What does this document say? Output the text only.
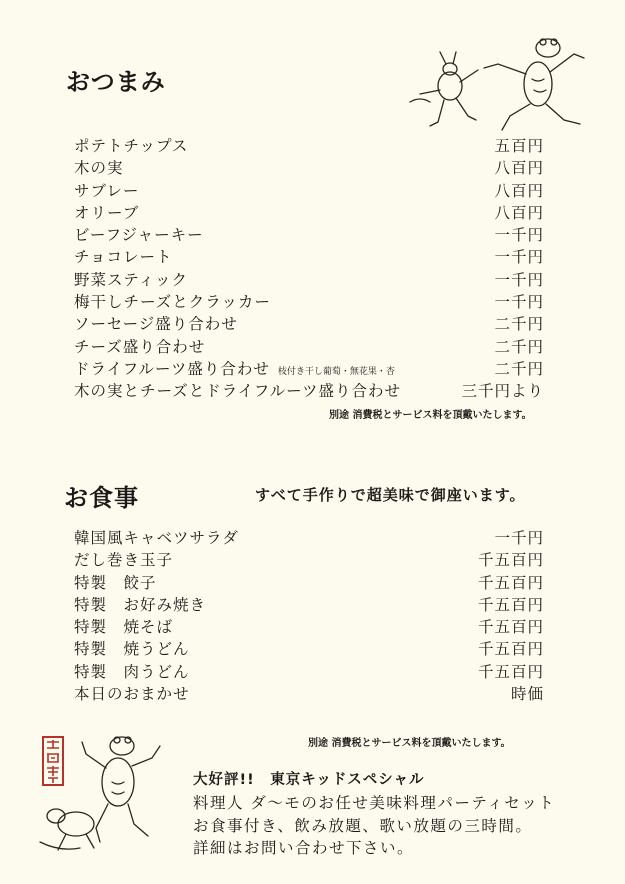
おつまみ
ポテトチップス	五百円
木の実	八百円
サブレー	八百円
オリーブ	八百円
ビーフジャーキー	一千円
チョコレート	一千円
野菜スティック	一千円
梅干しチーズとクラッカー	一千円
ソーセージ盛り合わせ	二千円
チーズ盛り合わせ	二千円
ドライフルーツ盛り合わせ 枝付き干し葡萄・無花果・杏	二千円
木の実とチーズとドライフルーツ盛り合わせ	三千円より
別途 消費税とサービス料を頂戴いたします。
お食事	すべて手作りで超美味で御座います。
韓国風キャベツサラダ	一千円
だし巻き玉子	千五百円
特製　餃子	千五百円
特製　お好み焼き	千五百円
特製　焼そば	千五百円
特製　焼うどん	千五百円
特製　肉うどん	千五百円
本日のおまかせ	時価
別途 消費税とサービス料を頂戴いたします。
大好評!!　東京キッドスペシャル
料理人 ダ〜モのお任せ美味料理パーティセット
お食事付き、飲み放題、歌い放題の三時間。
詳細はお問い合わせ下さい。
